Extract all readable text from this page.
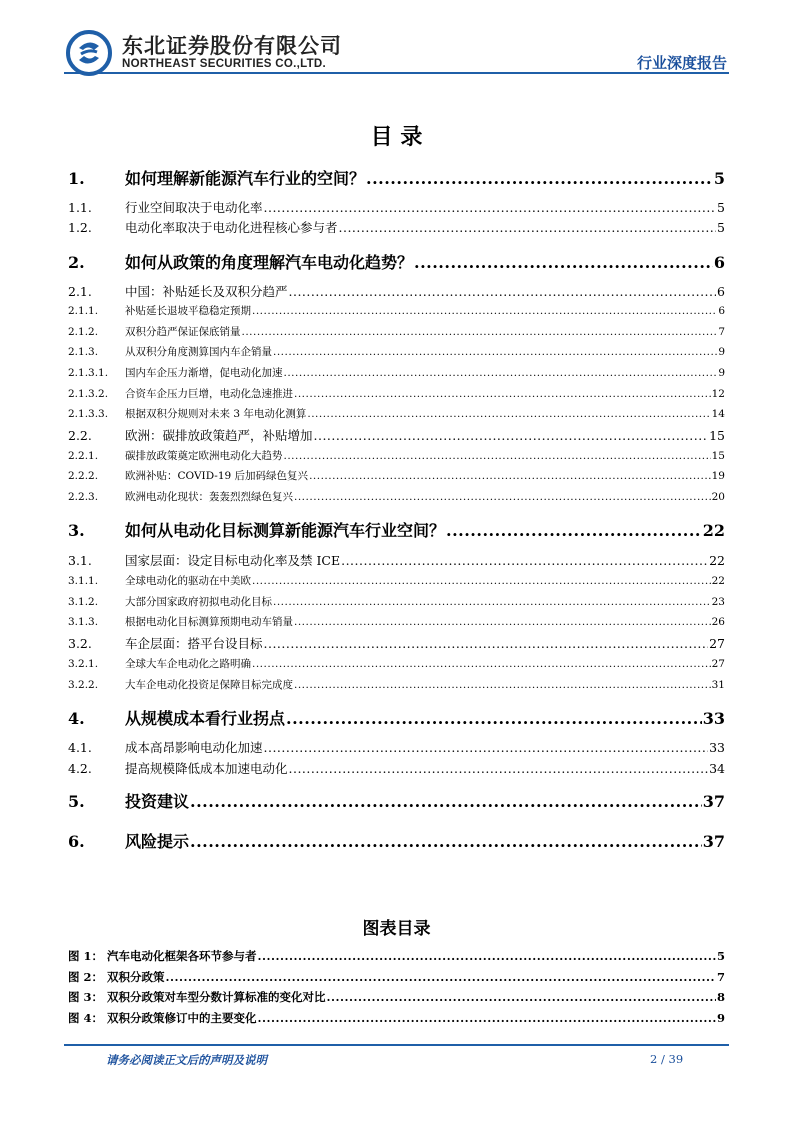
东北证券股份有限公司
NORTHEAST SECURITIES CO.,LTD.	行业深度报告
目 录
1.	如何理解新能源汽车行业的空间？ .....	5
1.1.	行业空间取决于电动化率 .....	5
1.2.	电动化率取决于电动化进程核心参与者 .....	5
2.	如何从政策的角度理解汽车电动化趋势？ .....	6
2.1.	中国：补贴延长及双积分趋严 .....	6
2.1.1.	补贴延长退坡平稳稳定预期 .....	6
2.1.2.	双积分趋严保证保底销量 .....	7
2.1.3.	从双积分角度测算国内车企销量 .....	9
2.1.3.1.	国内车企压力渐增，促电动化加速 .....	9
2.1.3.2.	合资车企压力巨增，电动化急速推进 .....	12
2.1.3.3.	根据双积分规则对未来 3 年电动化测算 .....	14
2.2.	欧洲：碳排放政策趋严，补贴增加 .....	15
2.2.1.	碳排放政策奠定欧洲电动化大趋势 .....	15
2.2.2.	欧洲补贴：COVID-19 后加码绿色复兴 .....	19
2.2.3.	欧洲电动化现状：轰轰烈烈绿色复兴 .....	20
3.	如何从电动化目标测算新能源汽车行业空间？ .....	22
3.1.	国家层面：设定目标电动化率及禁 ICE .....	22
3.1.1.	全球电动化的驱动在中美欧 .....	22
3.1.2.	大部分国家政府初拟电动化目标 .....	23
3.1.3.	根据电动化目标测算预期电动车销量 .....	26
3.2.	车企层面：搭平台设目标 .....	27
3.2.1.	全球大车企电动化之路明确 .....	27
3.2.2.	大车企电动化投资足保障目标完成度 .....	31
4.	从规模成本看行业拐点 .....	33
4.1.	成本高昂影响电动化加速 .....	33
4.2.	提高规模降低成本加速电动化 .....	34
5.	投资建议 .....	37
6.	风险提示 .....	37
图表目录
图 1： 汽车电动化框架各环节参与者 .....	5
图 2： 双积分政策 .....	7
图 3： 双积分政策对车型分数计算标准的变化对比 .....	8
图 4： 双积分政策修订中的主要变化 .....	9
请务必阅读正文后的声明及说明	2 / 39
